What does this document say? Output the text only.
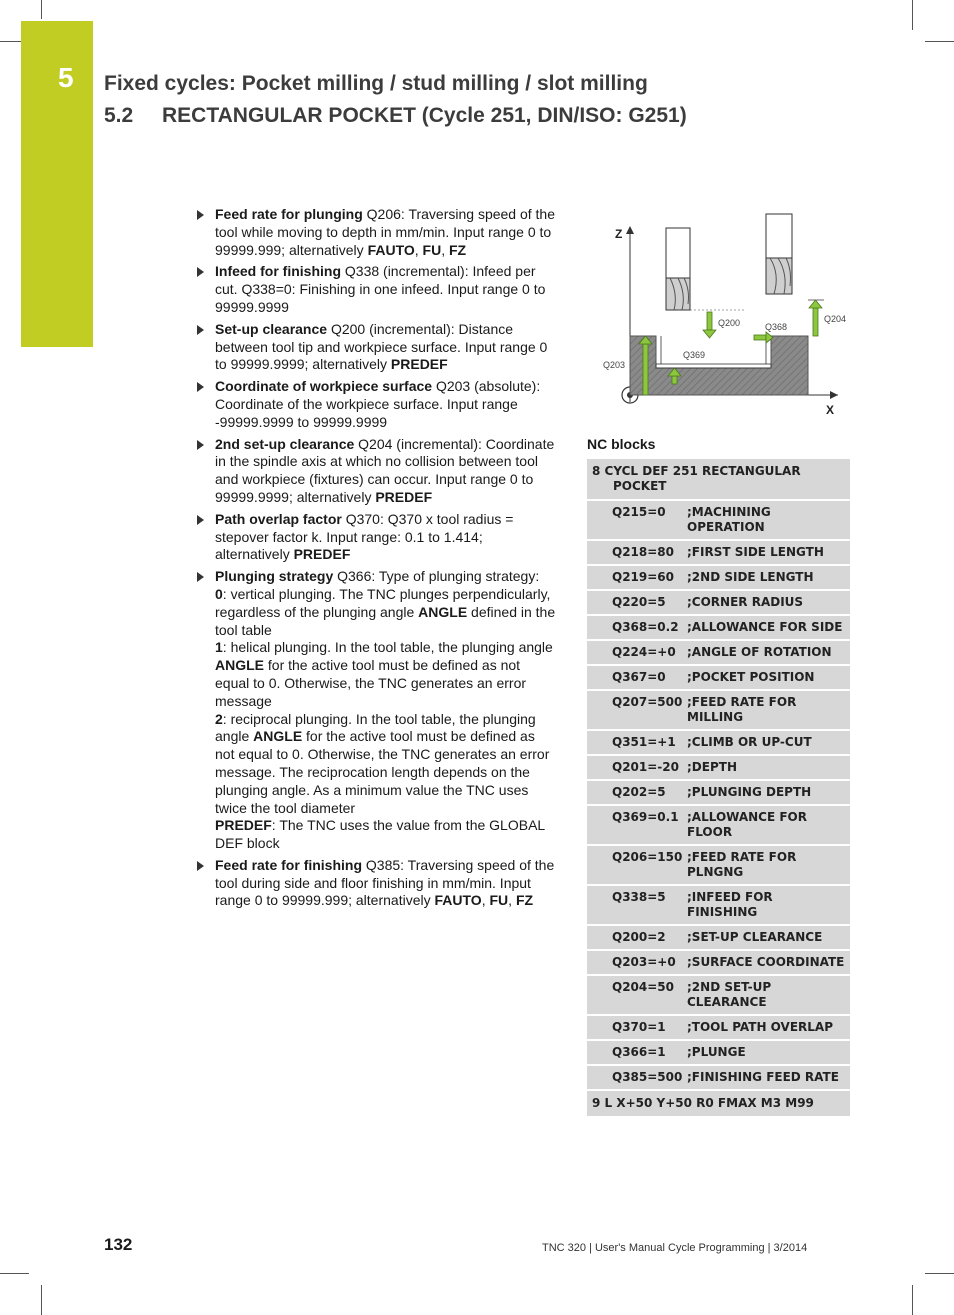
5 Fixed cycles: Pocket milling / stud milling / slot milling
5.2 RECTANGULAR POCKET (Cycle 251, DIN/ISO: G251)
Feed rate for plunging Q206: Traversing speed of the tool while moving to depth in mm/min. Input range 0 to 99999.999; alternatively FAUTO, FU, FZ
Infeed for finishing Q338 (incremental): Infeed per cut. Q338=0: Finishing in one infeed. Input range 0 to 99999.9999
Set-up clearance Q200 (incremental): Distance between tool tip and workpiece surface. Input range 0 to 99999.9999; alternatively PREDEF
Coordinate of workpiece surface Q203 (absolute): Coordinate of the workpiece surface. Input range -99999.9999 to 99999.9999
2nd set-up clearance Q204 (incremental): Coordinate in the spindle axis at which no collision between tool and workpiece (fixtures) can occur. Input range 0 to 99999.9999; alternatively PREDEF
Path overlap factor Q370: Q370 x tool radius = stepover factor k. Input range: 0.1 to 1.414; alternatively PREDEF
Plunging strategy Q366: Type of plunging strategy:
0: vertical plunging. The TNC plunges perpendicularly, regardless of the plunging angle ANGLE defined in the tool table
1: helical plunging. In the tool table, the plunging angle ANGLE for the active tool must be defined as not equal to 0. Otherwise, the TNC generates an error message
2: reciprocal plunging. In the tool table, the plunging angle ANGLE for the active tool must be defined as not equal to 0. Otherwise, the TNC generates an error message. The reciprocation length depends on the plunging angle. As a minimum value the TNC uses twice the tool diameter
PREDEF: The TNC uses the value from the GLOBAL DEF block
Feed rate for finishing Q385: Traversing speed of the tool during side and floor finishing in mm/min. Input range 0 to 99999.999; alternatively FAUTO, FU, FZ
Z
X
Q200	Q368
Q204
Q203
Q369
NC blocks
8 CYCL DEF 251 RECTANGULAR
POCKET	

Q215=0	;MACHINING OPERATION
Q218=80	;FIRST SIDE LENGTH
Q219=60	;2ND SIDE LENGTH
Q220=5	;CORNER RADIUS
Q368=0.2	;ALLOWANCE FOR SIDE
Q224=+0	;ANGLE OF ROTATION
Q367=0	;POCKET POSITION
Q207=500	;FEED RATE FOR MILLING
Q351=+1	;CLIMB OR UP-CUT
Q201=-20	;DEPTH
Q202=5	;PLUNGING DEPTH
Q369=0.1	;ALLOWANCE FOR FLOOR
Q206=150	;FEED RATE FOR PLNGNG
Q338=5	;INFEED FOR FINISHING
Q200=2	;SET-UP CLEARANCE
Q203=+0	;SURFACE COORDINATE
Q204=50	;2ND SET-UP CLEARANCE
Q370=1	;TOOL PATH OVERLAP
Q366=1	;PLUNGE
Q385=500	;FINISHING FEED RATE
9 L X+50 Y+50 R0 FMAX M3 M99	
132	TNC 320 | User's Manual Cycle Programming | 3/2014
